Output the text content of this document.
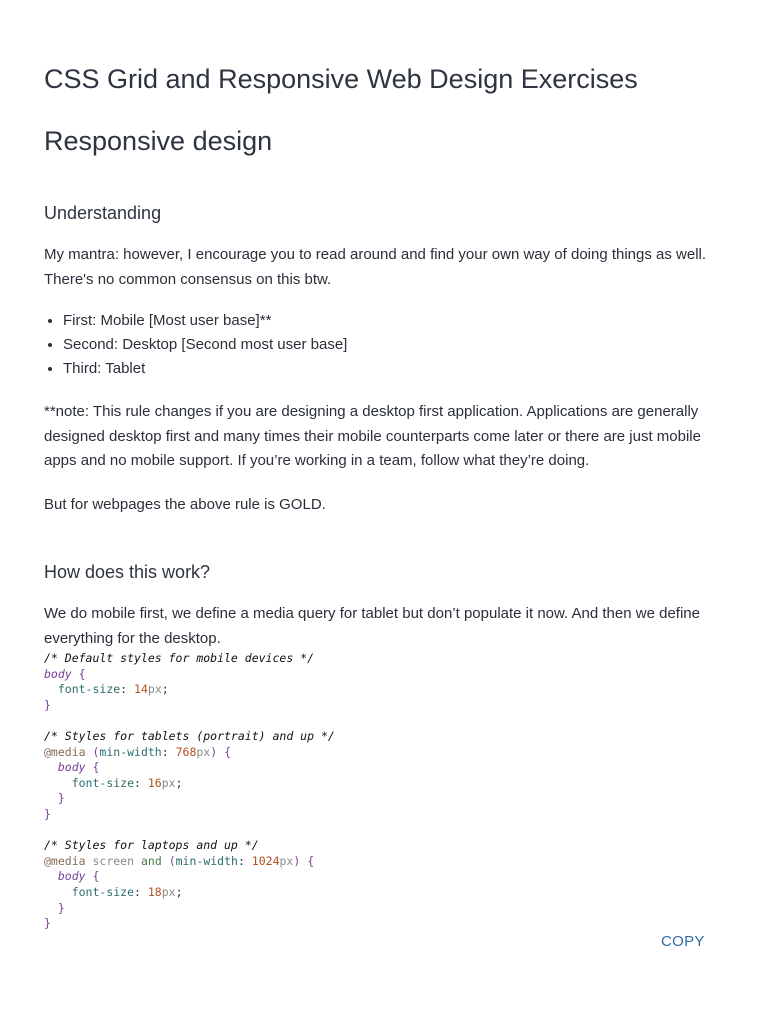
CSS Grid and Responsive Web Design Exercises
Responsive design
Understanding

My mantra: however, I encourage you to read around and find your own way of doing things as well. There's no common consensus on this btw.

• First: Mobile [Most user base]**
• Second: Desktop [Second most user base]
• Third: Tablet

**note: This rule changes if you are designing a desktop first application. Applications are generally designed desktop first and many times their mobile counterparts come later or there are just mobile apps and no mobile support. If you’re working in a team, follow what they’re doing.

But for webpages the above rule is GOLD.

How does this work?

We do mobile first, we define a media query for tablet but don’t populate it now. And then we define everything for the desktop.

/* Default styles for mobile devices */
body {
font-size: 14px;
}

/* Styles for tablets (portrait) and up */
@media (min-width: 768px) {
body {
font-size: 16px;
}
}

/* Styles for laptops and up */
@media screen and (min-width: 1024px) {
body {
font-size: 18px;
}
}
COPY
